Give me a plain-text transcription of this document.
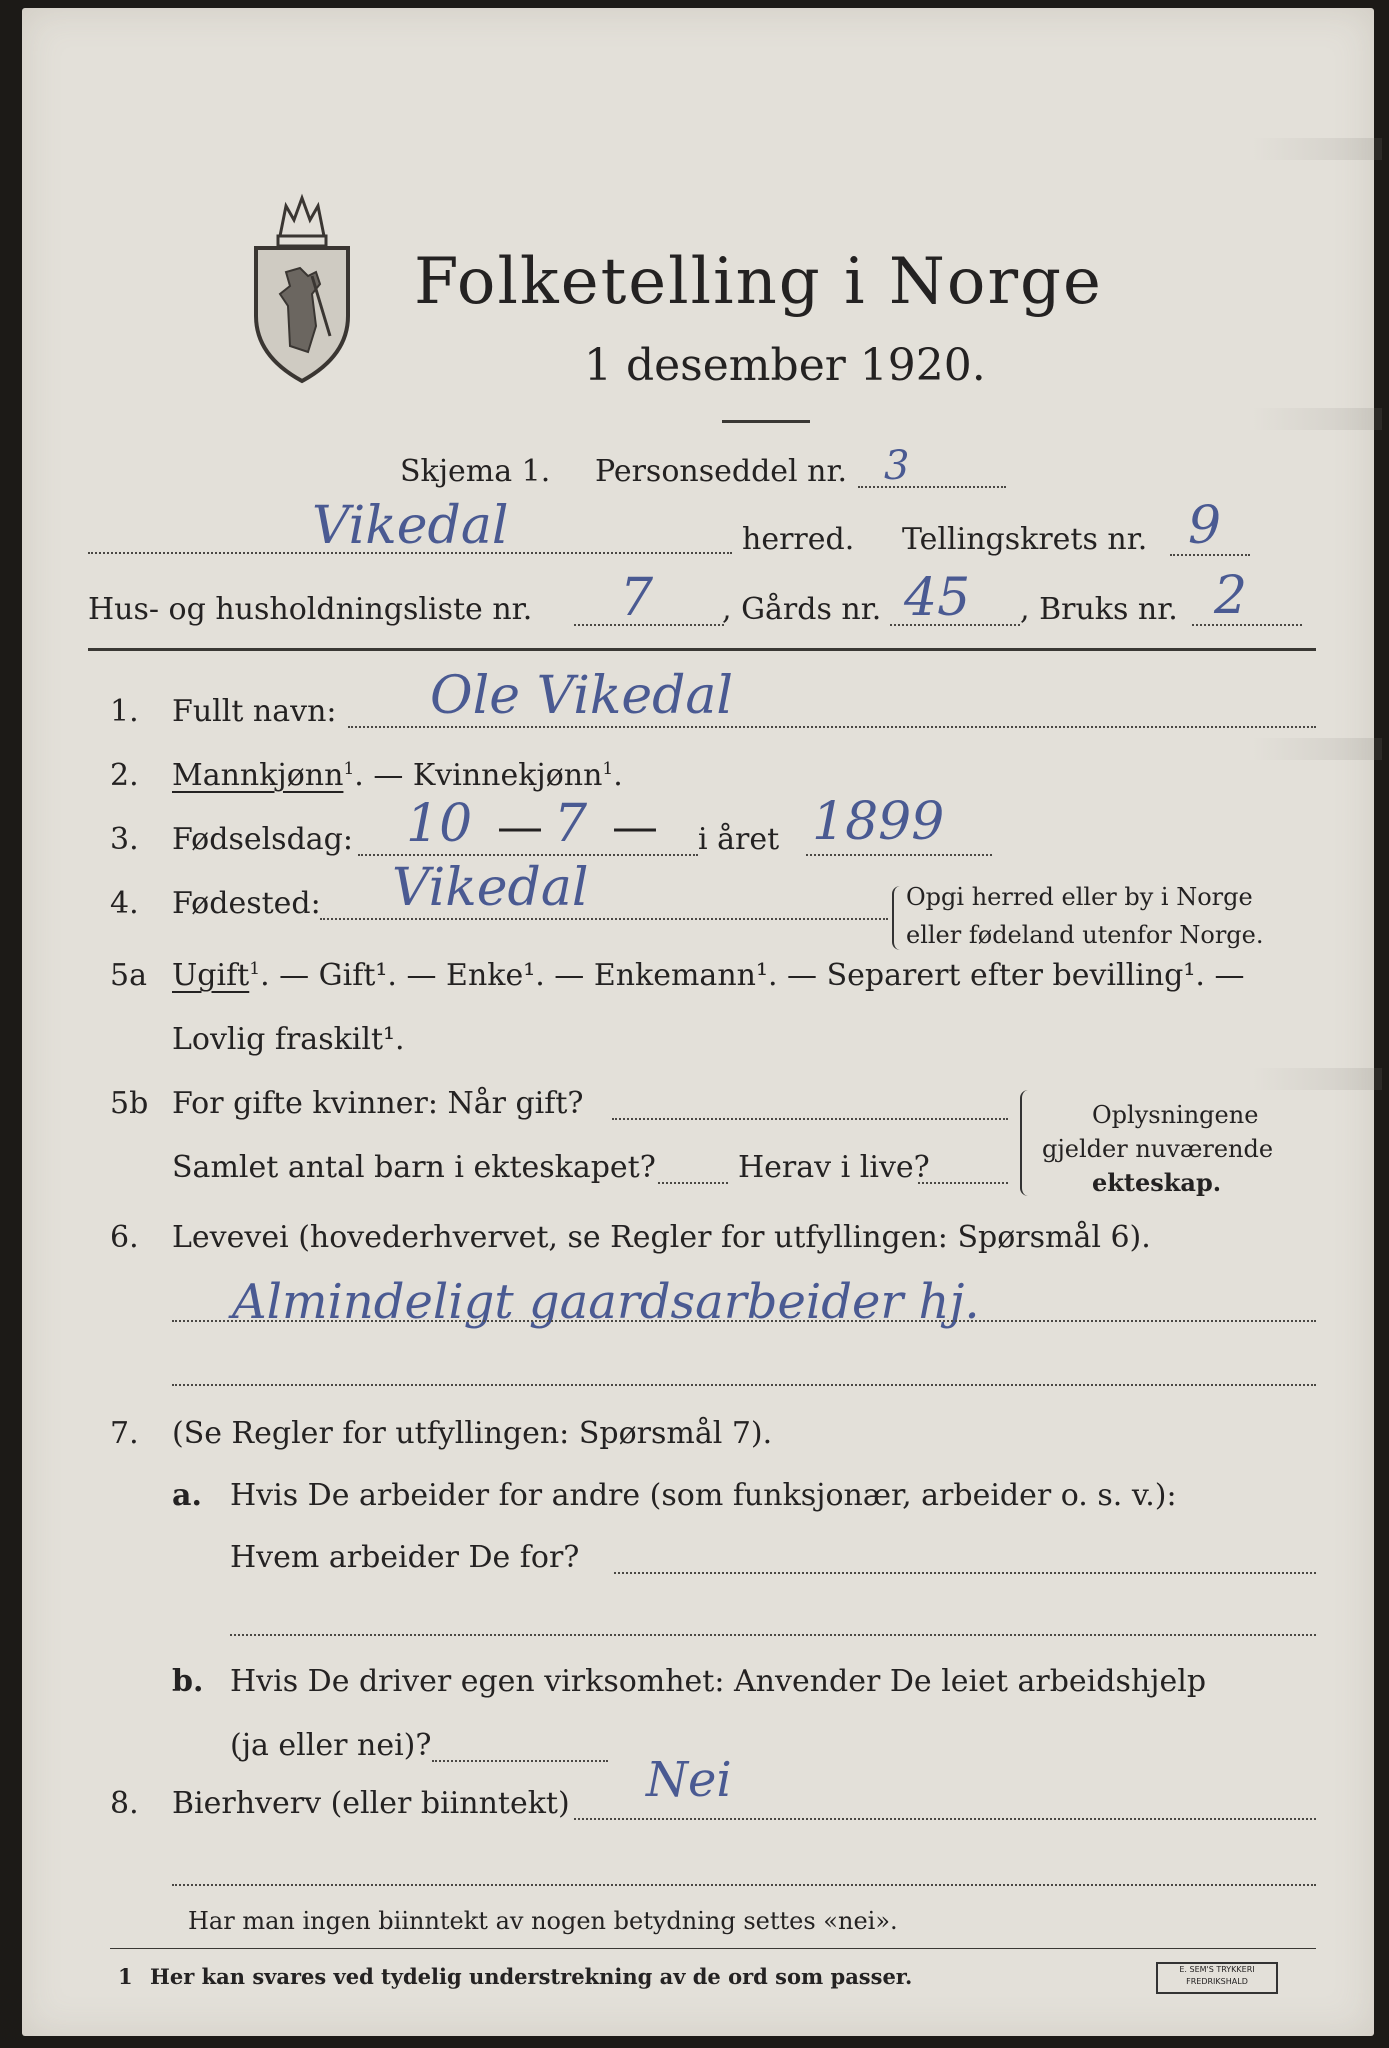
Folketelling i Norge
1 desember 1920.
Skjema 1. Personseddel nr. 3
Vikedal	herred. Tellingskrets nr. 9
Hus- og husholdningsliste nr. 7 , Gårds nr. 45 , Bruks nr. 2
1. Fullt navn: Ole Vikedal
2. Mannkjønn$^1$. — Kvinnekjønn$^1$.
3. Fødselsdag: 10 — 7 — i året 1899
4. Fødested: Vikedal	Opgi herred eller by i Norge
eller fødeland utenfor Norge.
5a Ugift$^1$. — Gift¹. — Enke¹. — Enkemann¹. — Separert efter bevilling¹. —
Lovlig fraskilt¹.
5b For gifte kvinner: Når gift?
Samlet antal barn i ekteskapet?	Herav i live?
Oplysningene
gjelder nuværende
ekteskap.
6. Levevei (hovederhvervet, se Regler for utfyllingen: Spørsmål 6).
Almindeligt gaardsarbeider hj.
7. (Se Regler for utfyllingen: Spørsmål 7).
a. Hvis De arbeider for andre (som funksjonær, arbeider o. s. v.):
Hvem arbeider De for?
b. Hvis De driver egen virksomhet: Anvender De leiet arbeidshjelp
(ja eller nei)?
8. Bierhverv (eller biinntekt) Nei
Har man ingen biinntekt av nogen betydning settes «nei».
1 Her kan svares ved tydelig understrekning av de ord som passer.	E. SEM'S TRYKKERI FREDRIKSHALD
